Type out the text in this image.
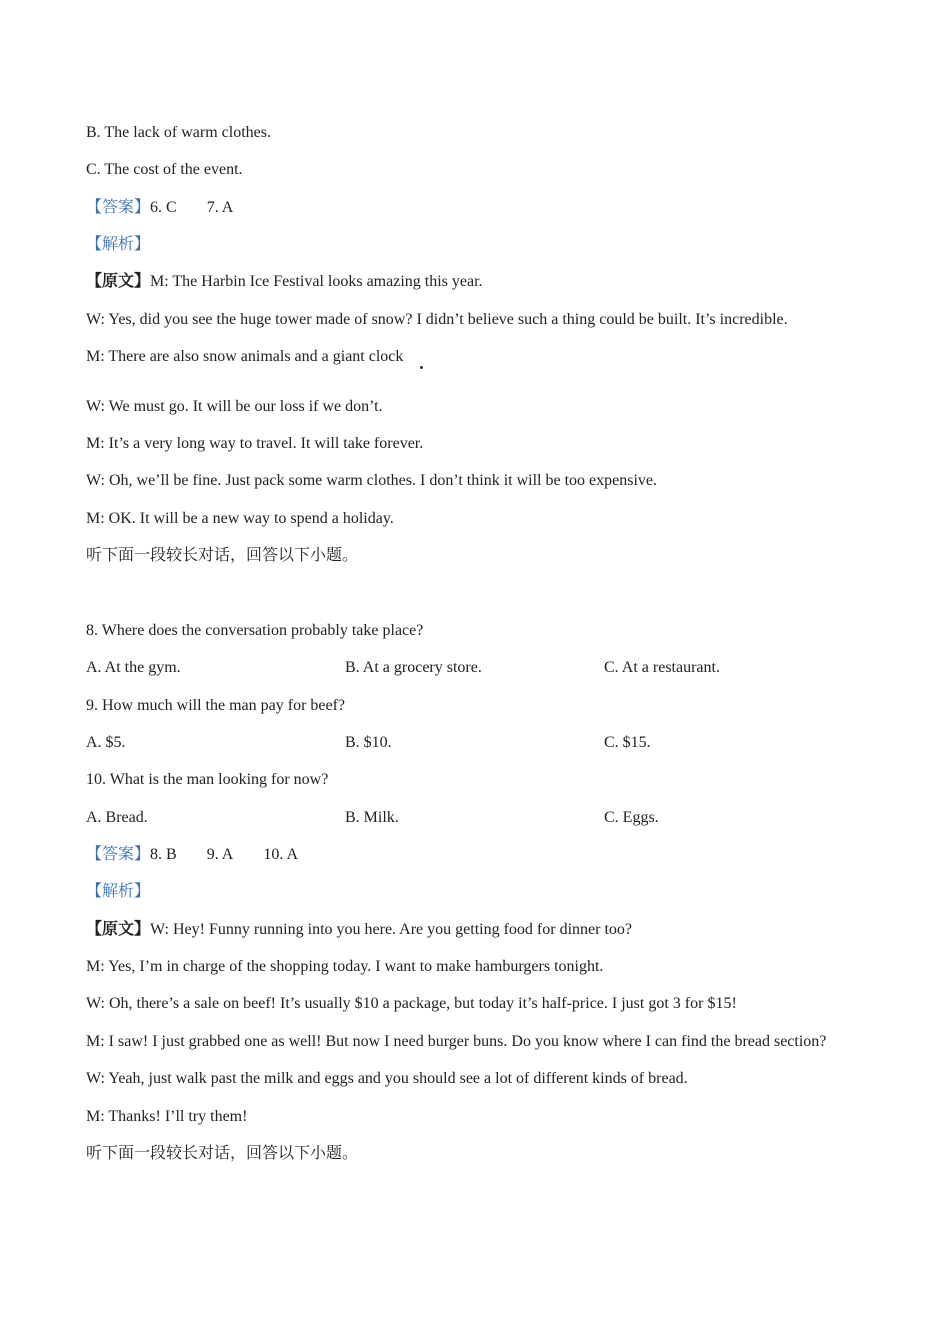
B. The lack of warm clothes.

C. The cost of the event.

【答案】6. C 7. A

【解析】

【原文】M: The Harbin Ice Festival looks amazing this year.

W: Yes, did you see the huge tower made of snow? I didn’t believe such a thing could be built. It’s incredible.

M: There are also snow animals and a giant clock

W: We must go. It will be our loss if we don’t.

M: It’s a very long way to travel. It will take forever.

W: Oh, we’ll be fine. Just pack some warm clothes. I don’t think it will be too expensive.

M: OK. It will be a new way to spend a holiday.

听下面一段较长对话，回答以下小题。

8. Where does the conversation probably take place?

A. At the gym.	B. At a grocery store.	C. At a restaurant.

9. How much will the man pay for beef?

A. $5.	B. $10.	C. $15.

10. What is the man looking for now?

A. Bread.	B. Milk.	C. Eggs.

【答案】8. B 9. A 10. A

【解析】

【原文】W: Hey! Funny running into you here. Are you getting food for dinner too?

M: Yes, I’m in charge of the shopping today. I want to make hamburgers tonight.

W: Oh, there’s a sale on beef! It’s usually $10 a package, but today it’s half-price. I just got 3 for $15!

M: I saw! I just grabbed one as well! But now I need burger buns. Do you know where I can find the bread section?

W: Yeah, just walk past the milk and eggs and you should see a lot of different kinds of bread.

M: Thanks! I’ll try them!

听下面一段较长对话，回答以下小题。
